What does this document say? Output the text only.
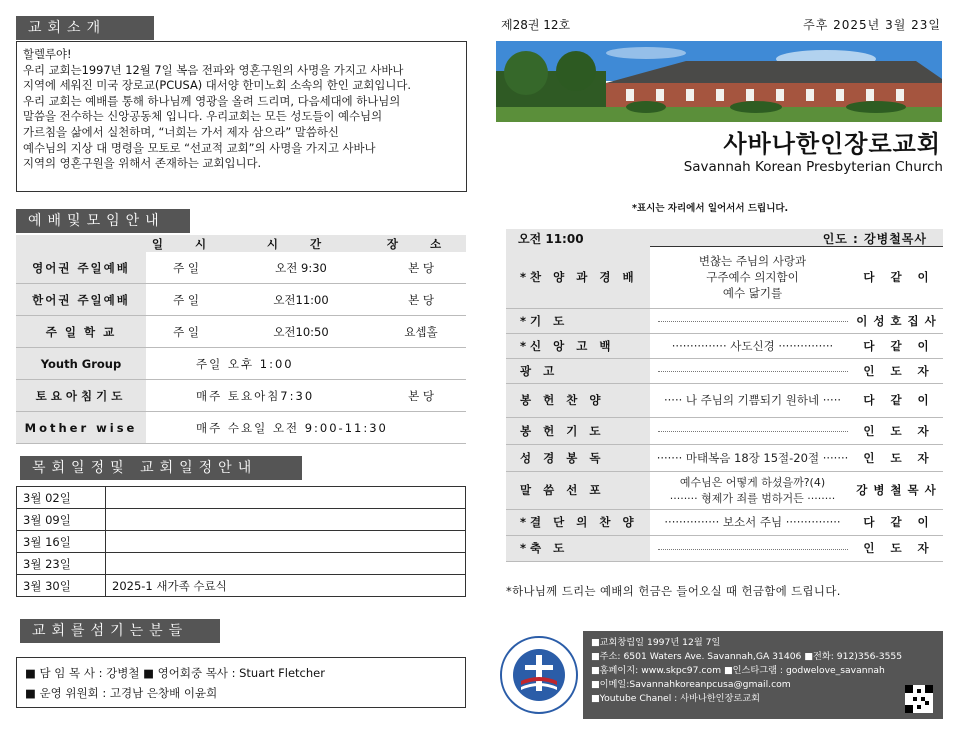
교회소개

할렐루야!

우리 교회는1997년 12월 7일 복음 전파와 영혼구원의 사명을 가지고 사바나

지역에 세워진 미국 장로교(PCUSA) 대서양 한미노회 소속의 한인 교회입니다.

우리 교회는 예배를 통해 하나님께 영광을 올려 드리며, 다음세대에 하나님의

말씀을 전수하는 신앙공동체 입니다. 우리교회는 모든 성도들이 예수님의

가르침을 삶에서 실천하며, “너희는 가서 제자 삼으라” 말씀하신

예수님의 지상 대 명령을 모토로 “선교적 교회”의 사명을 가지고 사바나

지역의 영혼구원을 위해서 존재하는 교회입니다.

예배및모임안내
	일 시	시 간	장 소
영어권 주일예배	주 일	오전 9:30	본 당
한어권 주일예배	주 일	오전11:00	본 당
주 일 학 교	주 일	오전10:50	요셉홀
Youth Group	주일 오후 1:00		
토요아침기도	매주 토요아침7:30		본 당
Mother wise	매주 수요일 오전 9:00-11:30		
목회일정및 교회일정안내
3월 02일	
3월 09일	
3월 16일	
3월 23일	
3월 30일	2025-1 새가족 수료식
교회를섬기는분들
■ 담 임 목 사 : 강병철 ■ 영어회중 목사 : Stuart Fletcher
■ 운영 위원회 : 고경남 은창배 이윤희
제28권 12호	주후 2025년 3월 23일
사바나한인장로교회
Savannah Korean Presbyterian Church
*표시는 자리에서 일어서서 드립니다.
오전 11:00	인도 : 강병철목사
*찬 양 과 경 배	변찮는 주님의 사랑과
구주예수 의지함이
예수 닮기를	다 같 이
*기 도		이성호집사
*신 앙 고 백	··············· 사도신경 ···············	다 같 이
광 고		인 도 자
봉 헌 찬 양	····· 나 주님의 기쁨되기 원하네 ·····	다 같 이
봉 헌 기 도		인 도 자
성 경 봉 독	······· 마태복음 18장 15절-20절 ·······	인 도 자
말 씀 선 포	예수님은 어떻게 하셨을까?(4)
········ 형제가 죄를 범하거든 ········	강병철목사
*결 단 의 찬 양	··············· 보소서 주님 ···············	다 같 이
*축 도		인 도 자
*하나님께 드리는 예배의 헌금은 들어오실 때 헌금함에 드립니다.
■교회창립일 1997년 12월 7일
■주소: 6501 Waters Ave. Savannah,GA 31406 ■전화: 912)356-3555
■홈페이지: www.skpc97.com ■인스타그램 : godwelove_savannah
■이메일:Savannahkoreanpcusa@gmail.com
■Youtube Chanel : 사바나한인장로교회
